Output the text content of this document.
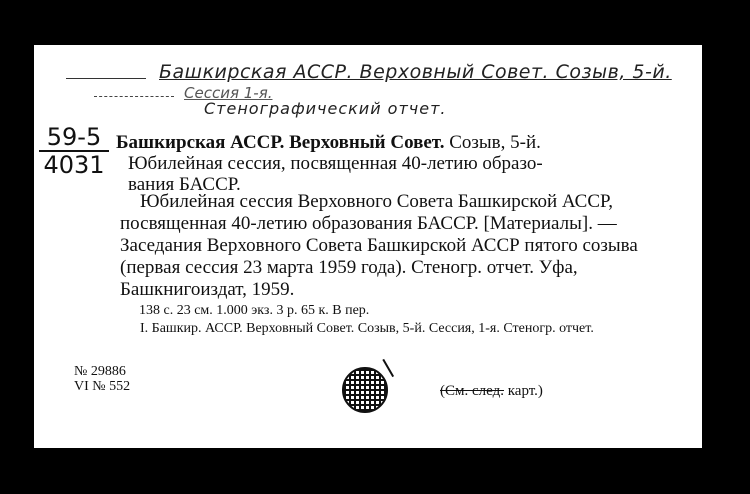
Башкирская АССР. Верховный Совет. Созыв, 5-й.
Сессия 1-я.
Стенографический отчет.
59-5
4031

Башкирская АССР. Верховный Совет. Созыв, 5-й.

Юбилейная сессия, посвященная 40-летию образо-

вания БАССР.

Юбилейная сессия Верховного Совета Башкирской АССР, посвященная 40-летию образования БАССР. [Материалы]. — Заседания Верховного Совета Башкирской АССР пятого созыва (первая сессия 23 марта 1959 года). Стеногр. отчет. Уфа, Башкнигоиздат, 1959.

138 с. 23 см. 1.000 экз. 3 р. 65 к. В пер.

I. Башкир. АССР. Верховный Совет. Созыв, 5-й. Сессия, 1-я. Стеногр. отчет.

№ 29886
VI № 552	(См. след. карт.)
